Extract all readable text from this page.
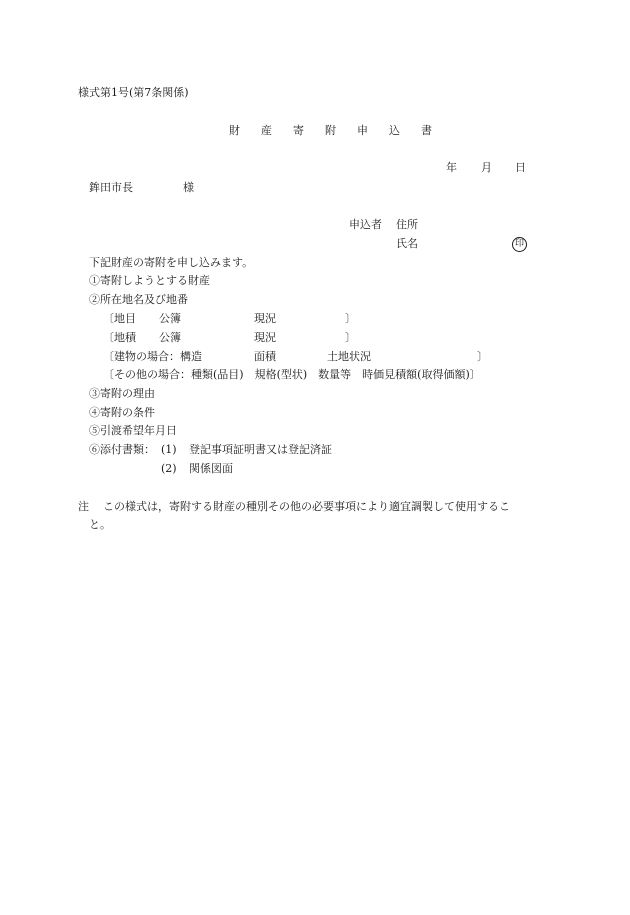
様式第1号(第7条関係)
財 産 寄 附 申 込 書
年 月 日
鉾田市長	様
申込者 住所
氏名	印
下記財産の寄附を申し込みます。
①寄附しようとする財産
②所在地名及び地番
〔地目 公簿	現況	〕
〔地積 公簿	現況	〕
〔建物の場合：構造	面積	土地状況	〕
〔その他の場合：種類(品目)　規格(型状)　数量等　時価見積額(取得価額)〕
③寄附の理由
④寄附の条件
⑤引渡希望年月日
⑥添付書類： (1) 登記事項証明書又は登記済証
(2) 関係図面
注 この様式は，寄附する財産の種別その他の必要事項により適宜調製して使用するこ
と。
